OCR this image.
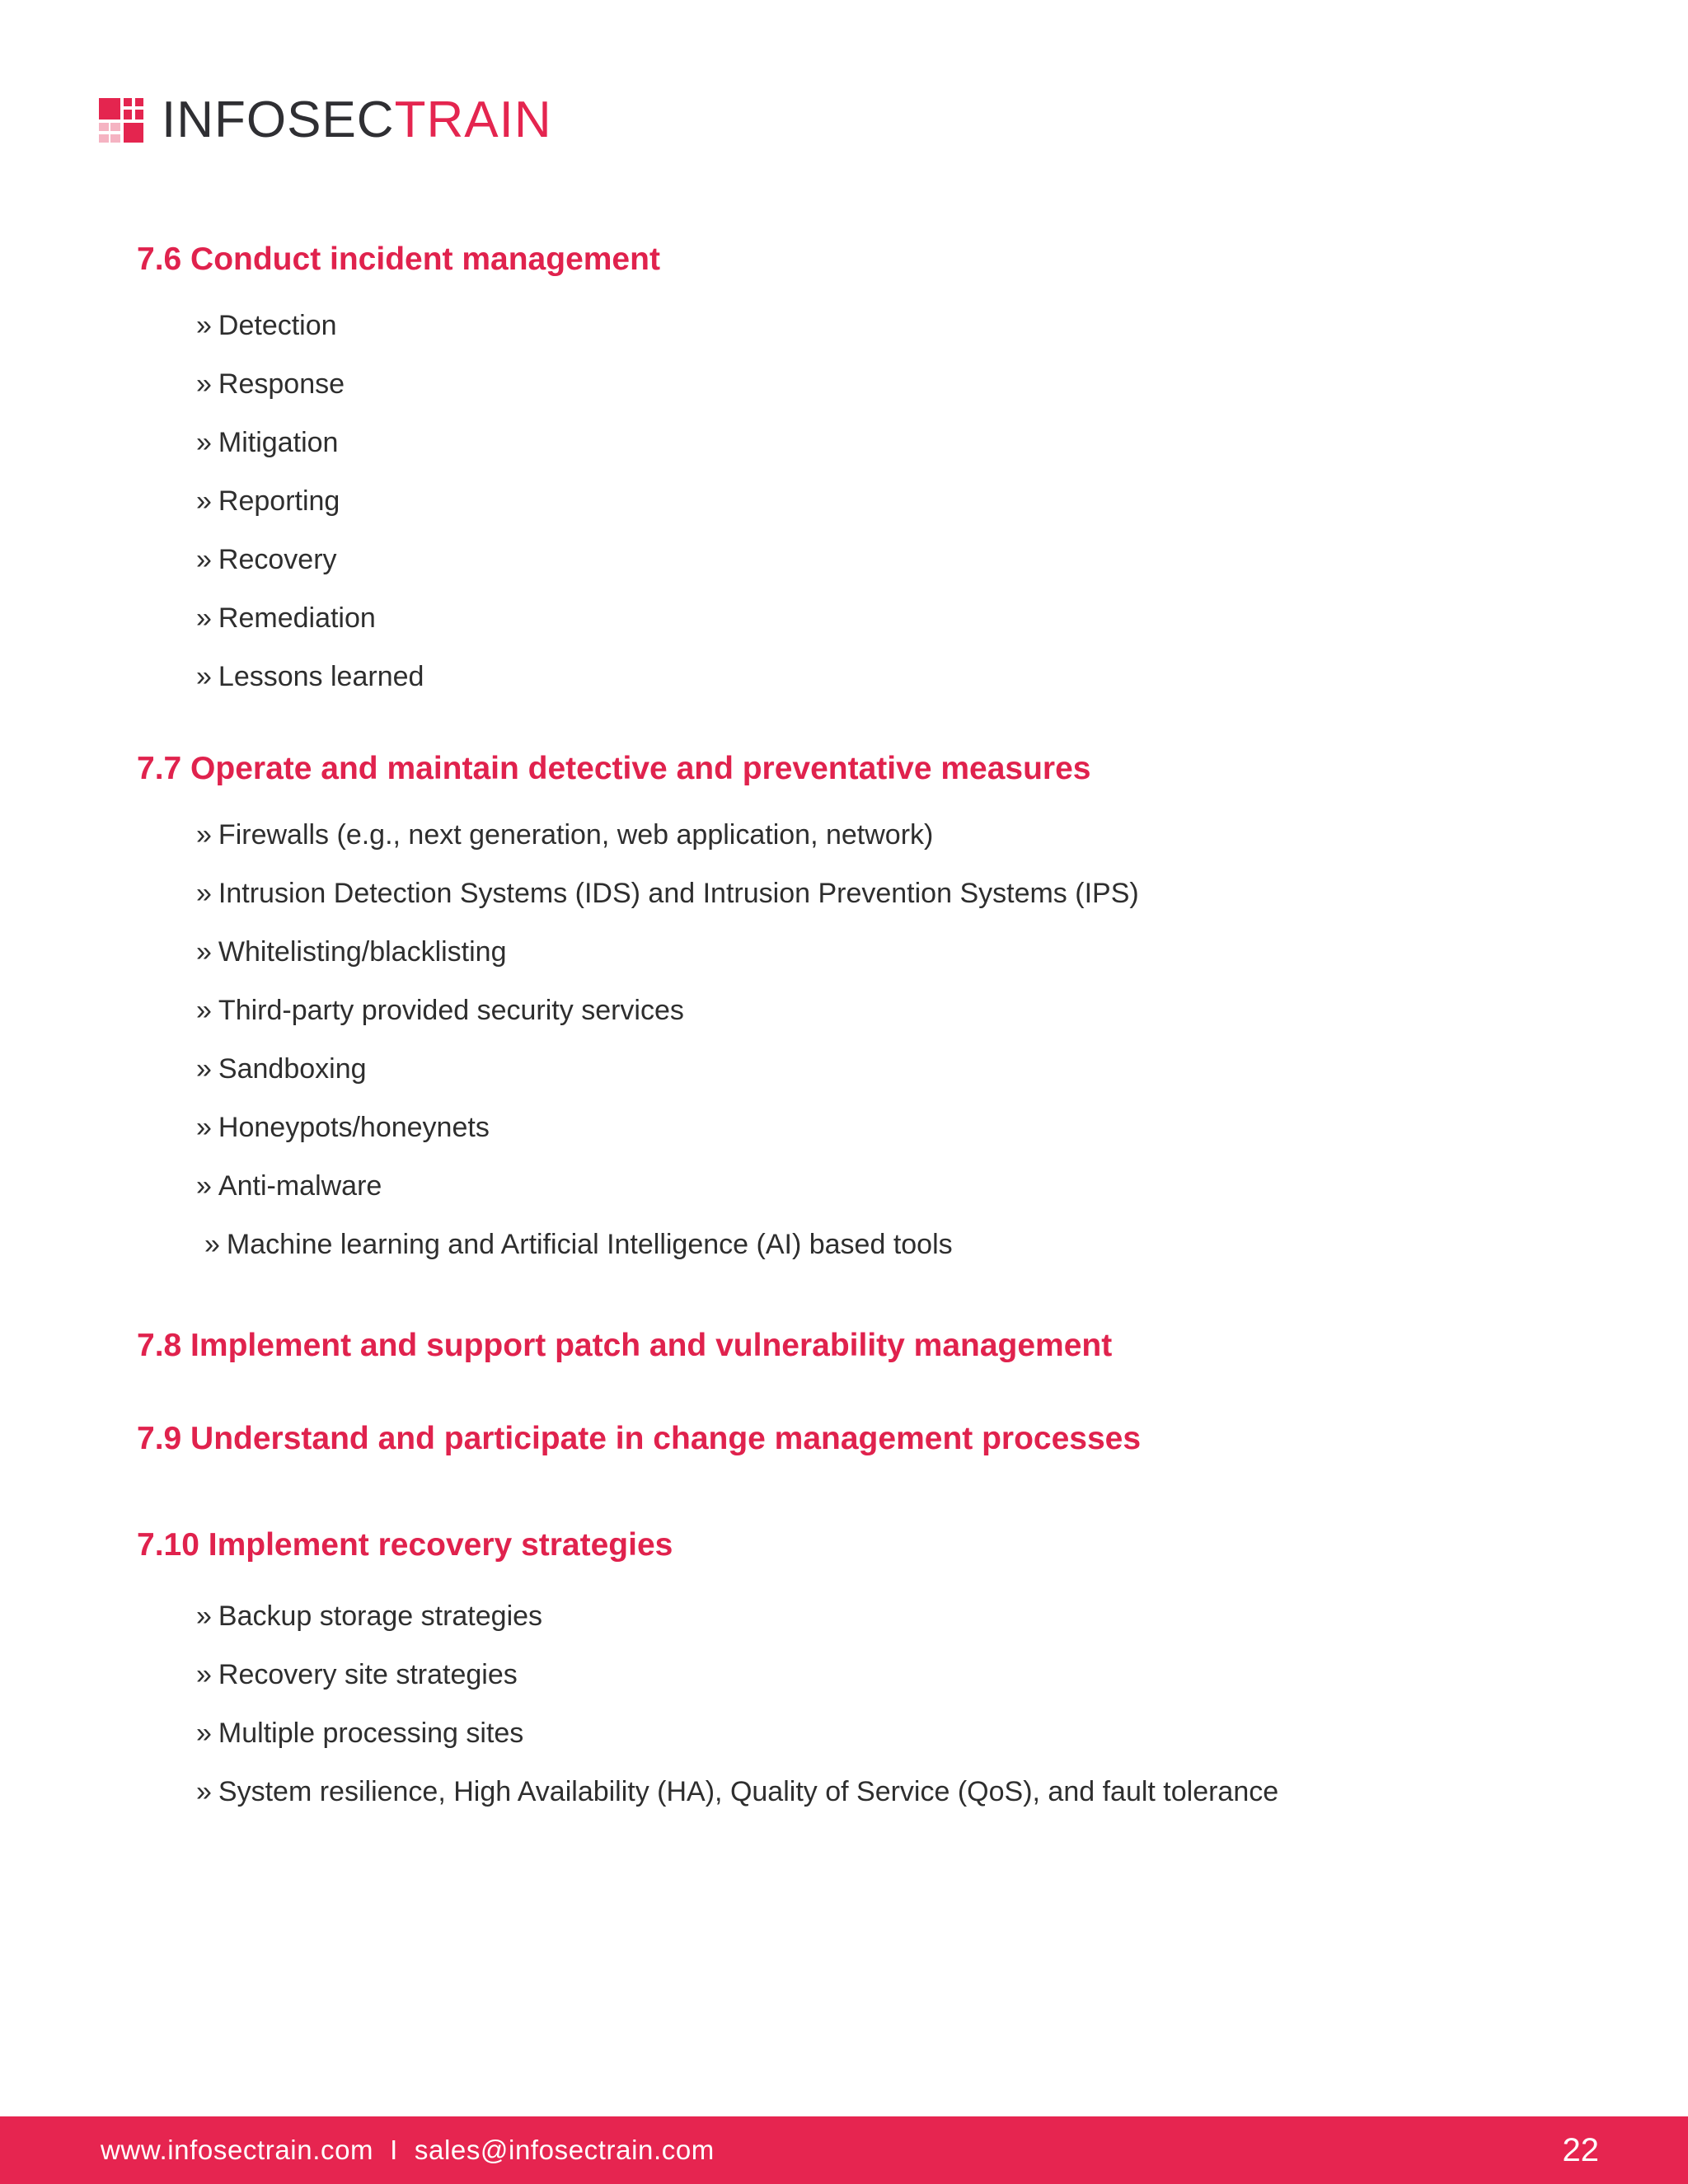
INFOSECTRAIN
7.6 Conduct incident management
» Detection
» Response
» Mitigation
» Reporting
» Recovery
» Remediation
» Lessons learned
7.7 Operate and maintain detective and preventative measures
» Firewalls (e.g., next generation, web application, network)
» Intrusion Detection Systems (IDS) and Intrusion Prevention Systems (IPS)
» Whitelisting/blacklisting
» Third-party provided security services
» Sandboxing
» Honeypots/honeynets
» Anti-malware
» Machine learning and Artificial Intelligence (AI) based tools
7.8 Implement and support patch and vulnerability management
7.9 Understand and participate in change management processes
7.10 Implement recovery strategies
» Backup storage strategies
» Recovery site strategies
» Multiple processing sites
» System resilience, High Availability (HA), Quality of Service (QoS), and fault tolerance
www.infosectrain.com I sales@infosectrain.com	22
